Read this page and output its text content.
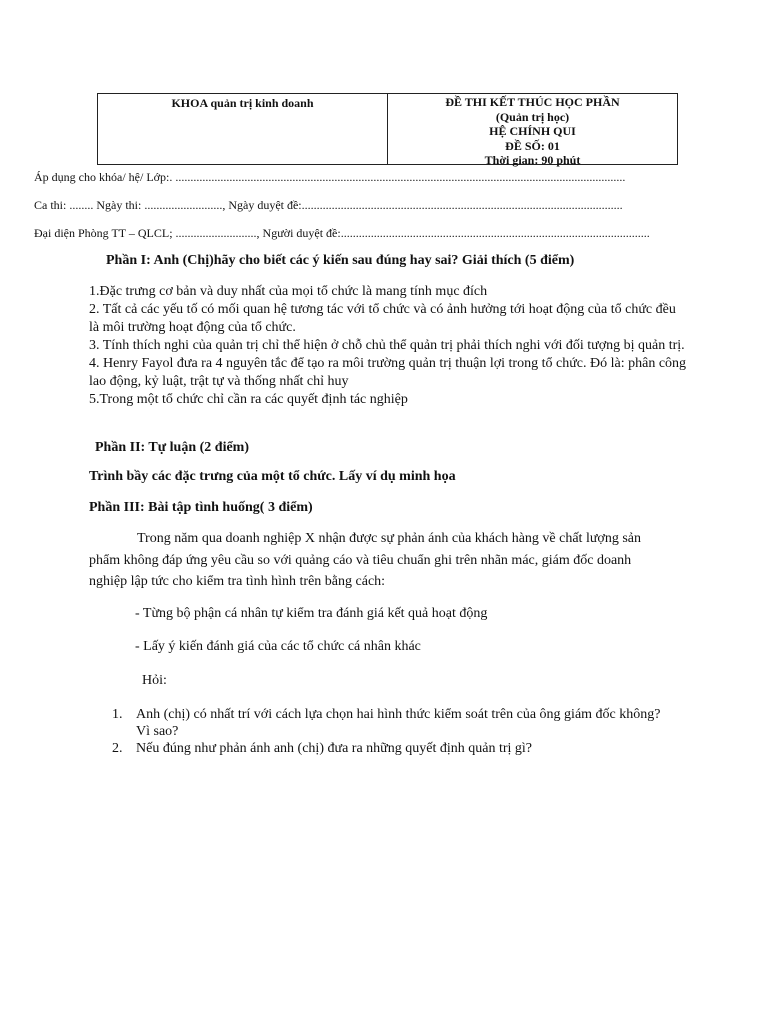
KHOA quản trị kinh doanh	ĐỀ THI KẾT THÚC HỌC PHẦN
(Quản trị học)
HỆ CHÍNH QUI
ĐỀ SỐ: 01
Thời gian: 90 phút
Áp dụng cho khóa/ hệ/ Lớp:. ......................................................................................................................................................
Ca thi: ........ Ngày thi: .........................., Ngày duyệt đề:...........................................................................................................
Đại diện Phòng TT – QLCL; ..........................., Người duyệt đề:.......................................................................................................
Phần I: Anh (Chị)hãy cho biết các ý kiến sau đúng hay sai? Giải thích (5 điểm)
1.Đặc trưng cơ bản và duy nhất của mọi tổ chức là mang tính mục đích
2. Tất cả các yếu tố có mối quan hệ tương tác với tổ chức và có ảnh hưởng tới hoạt động của tổ chức đều là môi trường hoạt động của tổ chức.
3. Tính thích nghi của quản trị chỉ thể hiện ở chỗ chủ thể quản trị phải thích nghi với đối tượng bị quản trị.
4. Henry Fayol đưa ra 4 nguyên tắc để tạo ra môi trường quản trị thuận lợi trong tổ chức. Đó là: phân công lao động, kỷ luật, trật tự và thống nhất chỉ huy
5.Trong một tổ chức chỉ cần ra các quyết định tác nghiệp
Phần II: Tự luận (2 điểm)
Trình bầy các đặc trưng của một tổ chức. Lấy ví dụ minh họa
Phần III: Bài tập tình huống( 3 điểm)
Trong năm qua doanh nghiệp X nhận được sự phản ánh của khách hàng về chất lượng sản phẩm không đáp ứng yêu cầu so với quảng cáo và tiêu chuẩn ghi trên nhãn mác, giám đốc doanh nghiệp lập tức cho kiểm tra tình hình trên bằng cách:
- Từng bộ phận cá nhân tự kiểm tra đánh giá kết quả hoạt động
- Lấy ý kiến đánh giá của các tổ chức cá nhân khác
Hỏi:
1. Anh (chị) có nhất trí với cách lựa chọn hai hình thức kiểm soát trên của ông giám đốc không?Vì sao?
2. Nếu đúng như phản ánh anh (chị) đưa ra những quyết định quản trị gì?
